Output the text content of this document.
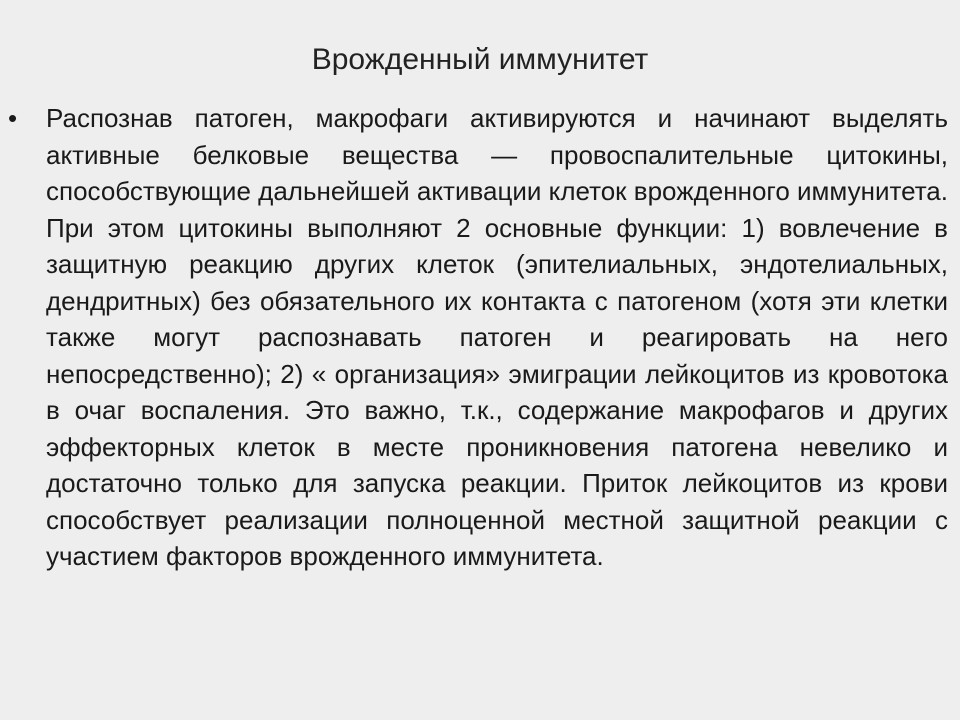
Врожденный иммунитет
• Распознав патоген, макрофаги активируются и начинают выделять активные белковые вещества — провоспалительные цитокины, способствующие дальнейшей активации клеток врожденного иммунитета. При этом цитокины выполняют 2 основные функции: 1) вовлечение в защитную реакцию других клеток (эпителиальных, эндотелиальных, дендритных) без обязательного их контакта с патогеном (хотя эти клетки также могут распознавать патоген и реагировать на него непосредственно); 2) « организация» эмиграции лейкоцитов из кровотока в очаг воспаления. Это важно, т.к., содержание макрофагов и других эффекторных клеток в месте проникновения патогена невелико и достаточно только для запуска реакции. Приток лейкоцитов из крови способствует реализации полноценной местной защитной реакции с участием факторов врожденного иммунитета.
